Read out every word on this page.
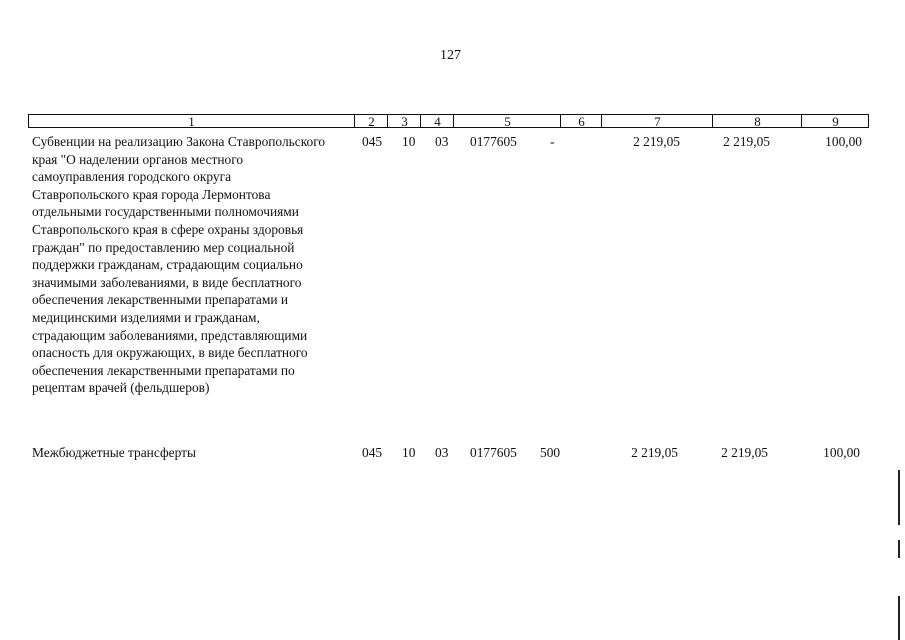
127
1	2	3	4	5	6	7	8	9
Субвенции на реализацию Закона Ставропольского
края "О наделении органов местного
самоуправления городского округа
Ставропольского края города Лермонтова
отдельными государственными полномочиями
Ставропольского края в сфере охраны здоровья
граждан" по предоставлению мер социальной
поддержки гражданам, страдающим социально
значимыми заболеваниями, в виде бесплатного
обеспечения лекарственными препаратами и
медицинскими изделиями и гражданам,
страдающим заболеваниями, представляющими
опасность для окружающих, в виде бесплатного
обеспечения лекарственными препаратами по
рецептам врачей (фельдшеров)
045 10 03 0177605 -	2 219,05	2 219,05	100,00
Межбюджетные трансферты	045 10 03 0177605 500	2 219,05	2 219,05	100,00
